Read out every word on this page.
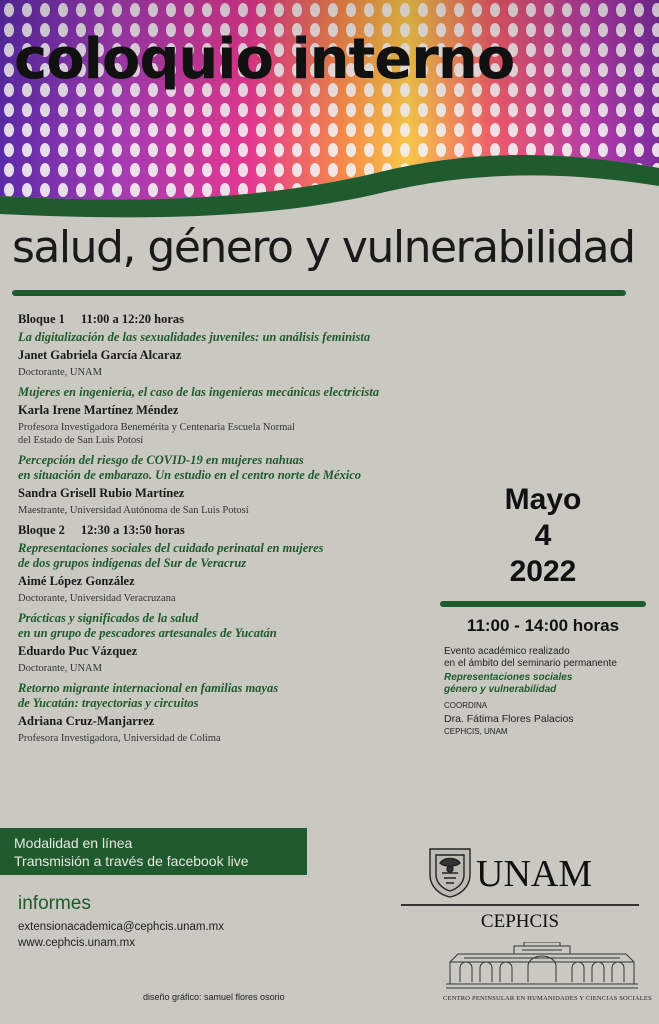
coloquio interno
salud, género y vulnerabilidad
Bloque 1 11:00 a 12:20 horas
La digitalización de las sexualidades juveniles: un análisis feminista
Janet Gabriela García Alcaraz
Doctorante, UNAM
Mujeres en ingeniería, el caso de las ingenieras mecánicas electricista
Karla Irene Martínez Méndez
Profesora Investigadora Benemérita y Centenaria Escuela Normal
del Estado de San Luis Potosí
Percepción del riesgo de COVID-19 en mujeres nahuas
en situación de embarazo. Un estudio en el centro norte de México
Sandra Grisell Rubio Martínez
Maestrante, Universidad Autónoma de San Luis Potosí
Bloque 2 12:30 a 13:50 horas
Representaciones sociales del cuidado perinatal en mujeres
de dos grupos indígenas del Sur de Veracruz
Aimé López González
Doctorante, Universidad Veracruzana
Prácticas y significados de la salud
en un grupo de pescadores artesanales de Yucatán
Eduardo Puc Vázquez
Doctorante, UNAM
Retorno migrante internacional en familias mayas
de Yucatán: trayectorias y circuitos
Adriana Cruz-Manjarrez
Profesora Investigadora, Universidad de Colima
Mayo
4
2022
11:00 - 14:00 horas
Evento académico realizado
en el ámbito del seminario permanente
Representaciones sociales
género y vulnerabilidad
COORDINA
Dra. Fátima Flores Palacios
CEPHCIS, UNAM
Modalidad en línea
Transmisión a través de facebook live
informes
extensionacademica@cephcis.unam.mx
www.cephcis.unam.mx
diseño gráfico: samuel flores osorio
UNAM
CEPHCIS
CENTRO PENINSULAR EN HUMANIDADES Y CIENCIAS SOCIALES
